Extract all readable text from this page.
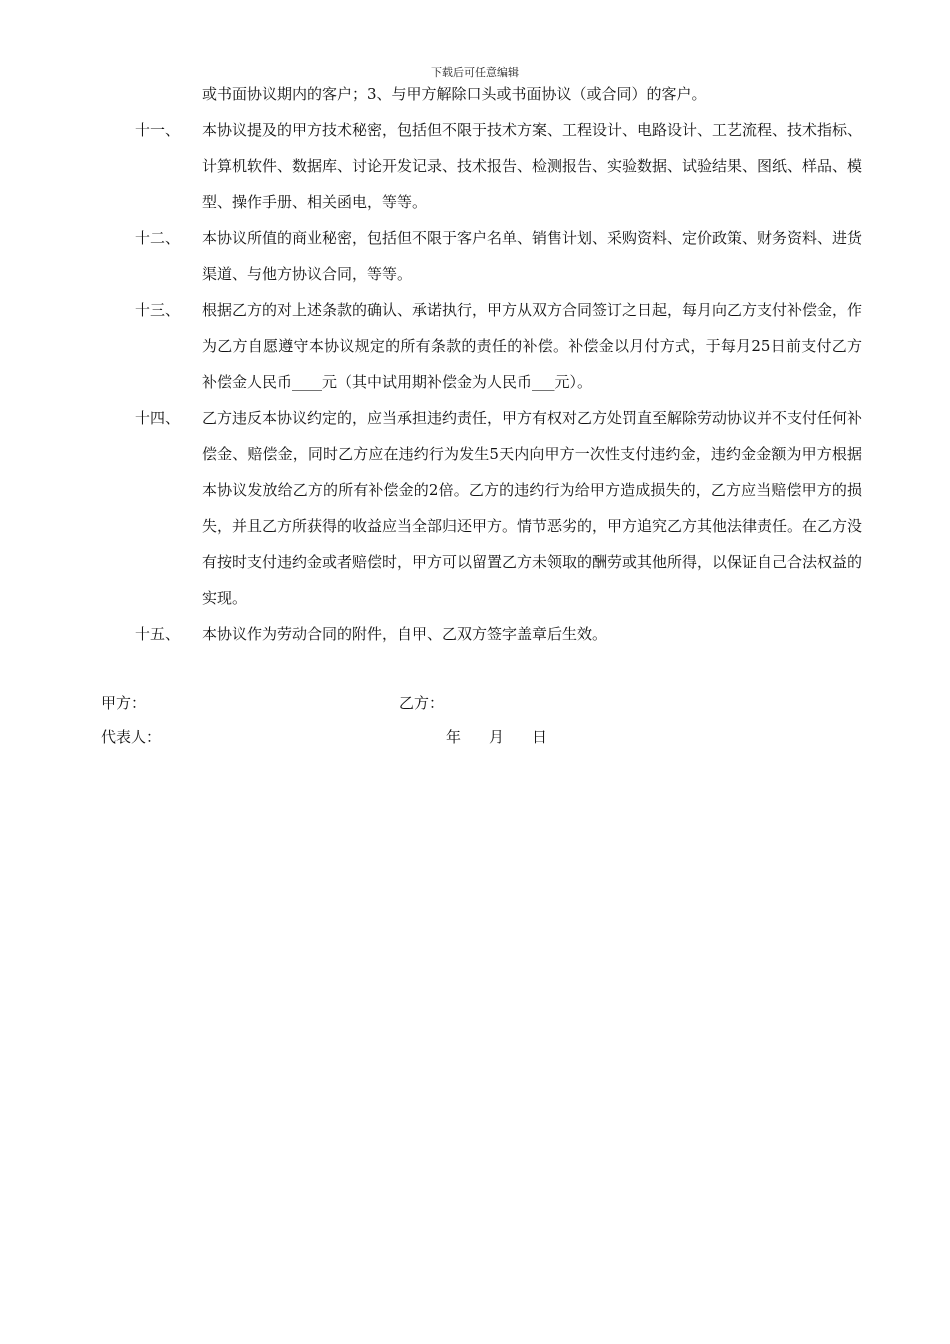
下载后可任意编辑
或书面协议期内的客户；3、与甲方解除口头或书面协议（或合同）的客户。
十一、	本协议提及的甲方技术秘密，包括但不限于技术方案、工程设计、电路设计、工艺流程、技术指标、计算机软件、数据库、讨论开发记录、技术报告、检测报告、实验数据、试验结果、图纸、样品、模型、操作手册、相关函电，等等。
十二、	本协议所值的商业秘密，包括但不限于客户名单、销售计划、采购资料、定价政策、财务资料、进货渠道、与他方协议合同，等等。
十三、	根据乙方的对上述条款的确认、承诺执行，甲方从双方合同签订之日起，每月向乙方支付补偿金，作为乙方自愿遵守本协议规定的所有条款的责任的补偿。补偿金以月付方式，于每月25日前支付乙方补偿金人民币____元（其中试用期补偿金为人民币___元）。
十四、	乙方违反本协议约定的，应当承担违约责任，甲方有权对乙方处罚直至解除劳动协议并不支付任何补偿金、赔偿金，同时乙方应在违约行为发生5天内向甲方一次性支付违约金，违约金金额为甲方根据本协议发放给乙方的所有补偿金的2倍。乙方的违约行为给甲方造成损失的，乙方应当赔偿甲方的损失，并且乙方所获得的收益应当全部归还甲方。情节恶劣的，甲方追究乙方其他法律责任。在乙方没有按时支付违约金或者赔偿时，甲方可以留置乙方未领取的酬劳或其他所得，以保证自己合法权益的实现。
十五、	本协议作为劳动合同的附件，自甲、乙双方签字盖章后生效。
甲方：	乙方：
代表人：	年 月 日
